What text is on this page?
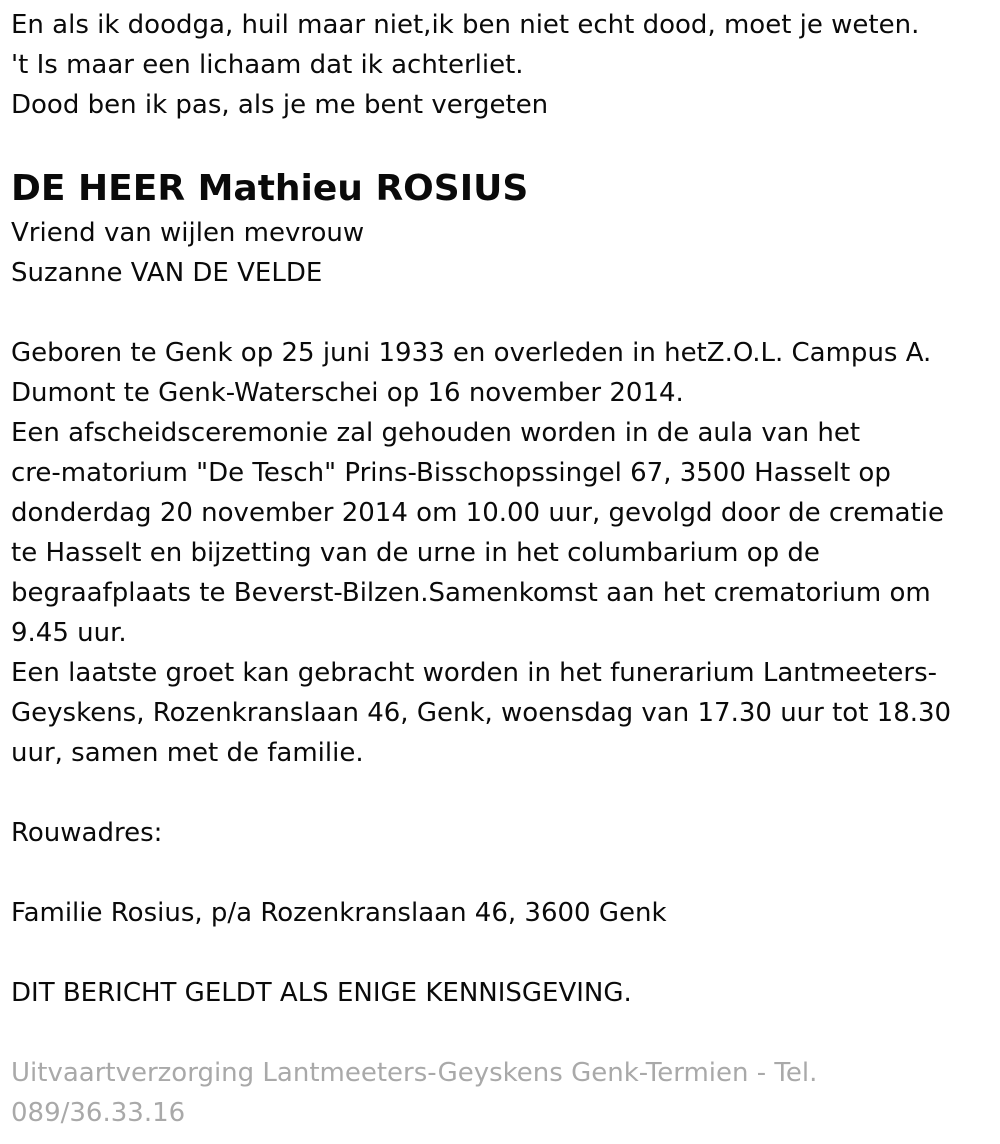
En als ik doodga, huil maar niet,ik ben niet echt dood, moet je weten.
't Is maar een lichaam dat ik achterliet.
Dood ben ik pas, als je me bent vergeten
DE HEER Mathieu ROSIUS
Vriend van wijlen mevrouw
Suzanne VAN DE VELDE
Geboren te Genk op 25 juni 1933 en overleden in hetZ.O.L. Campus A.
Dumont te Genk-Waterschei op 16 november 2014.
Een afscheidsceremonie zal gehouden worden in de aula van het
cre-matorium "De Tesch" Prins-Bisschopssingel 67, 3500 Hasselt op
donderdag 20 november 2014 om 10.00 uur, gevolgd door de crematie
te Hasselt en bijzetting van de urne in het columbarium op de
begraafplaats te Beverst-Bilzen.Samenkomst aan het crematorium om
9.45 uur.
Een laatste groet kan gebracht worden in het funerarium Lantmeeters-
Geyskens, Rozenkranslaan 46, Genk, woensdag van 17.30 uur tot 18.30
uur, samen met de familie.
Rouwadres:
Familie Rosius, p/a Rozenkranslaan 46, 3600 Genk
DIT BERICHT GELDT ALS ENIGE KENNISGEVING.
Uitvaartverzorging Lantmeeters-Geyskens Genk-Termien - Tel.
089/36.33.16
